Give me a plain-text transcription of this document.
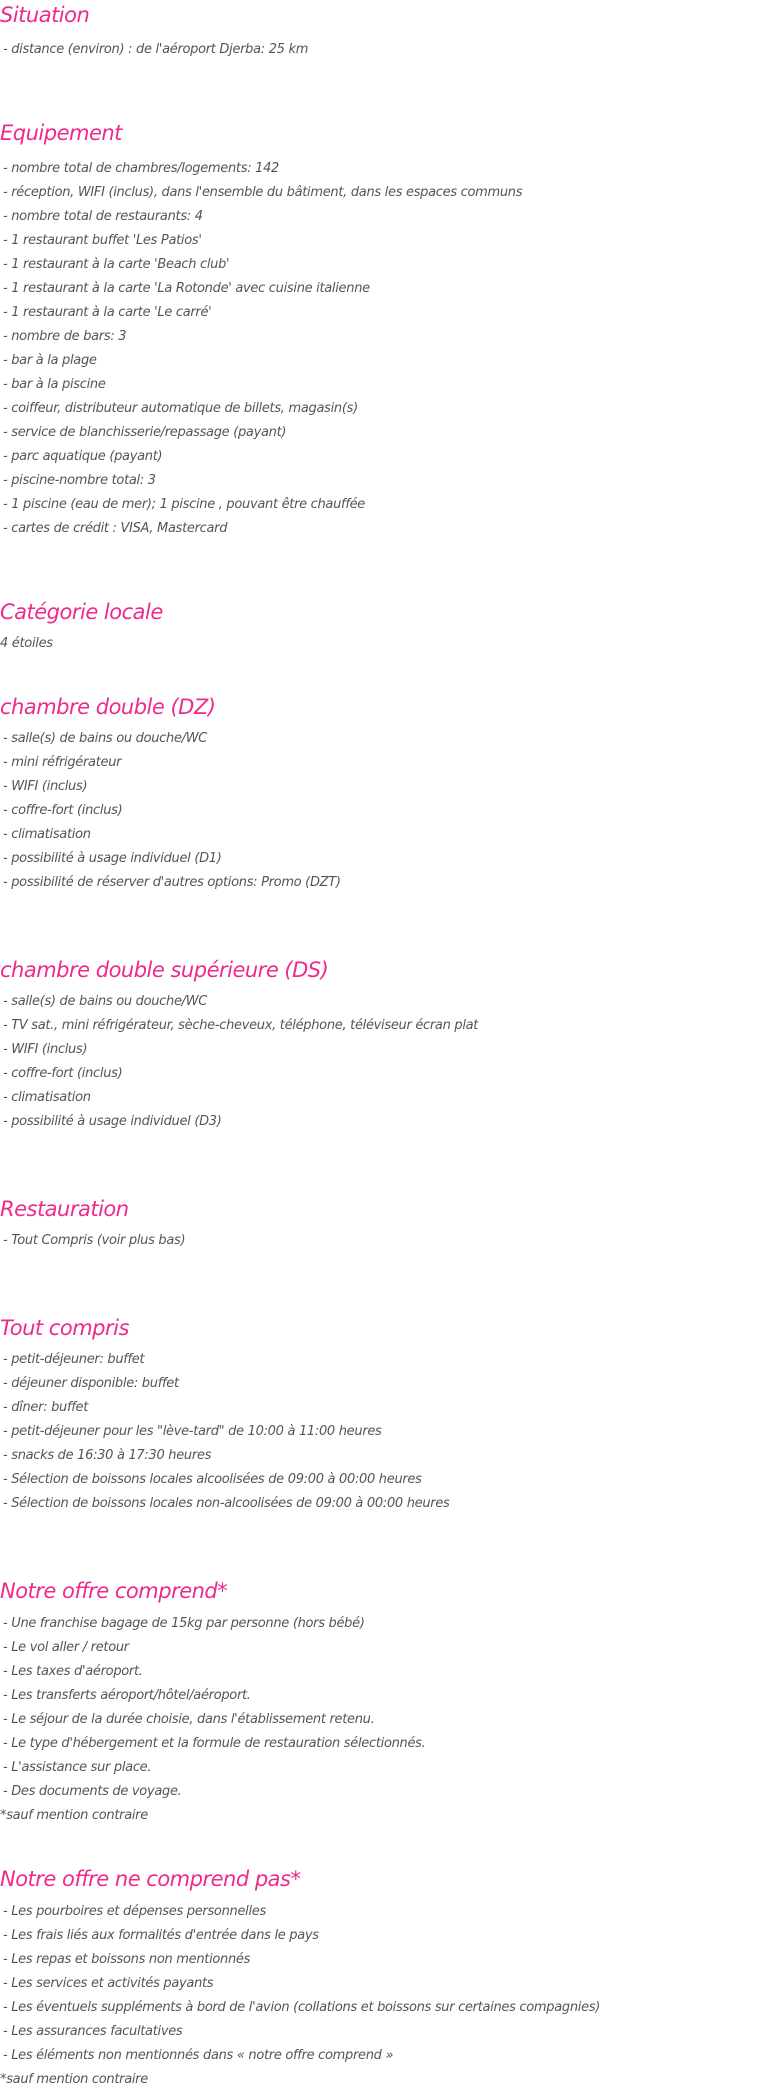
Situation
- distance (environ) : de l'aéroport Djerba: 25 km
Equipement
- nombre total de chambres/logements: 142
- réception, WIFI (inclus), dans l'ensemble du bâtiment, dans les espaces communs
- nombre total de restaurants: 4
- 1 restaurant buffet 'Les Patios'
- 1 restaurant à la carte 'Beach club'
- 1 restaurant à la carte 'La Rotonde' avec cuisine italienne
- 1 restaurant à la carte 'Le carré'
- nombre de bars: 3
- bar à la plage
- bar à la piscine
- coiffeur, distributeur automatique de billets, magasin(s)
- service de blanchisserie/repassage (payant)
- parc aquatique (payant)
- piscine-nombre total: 3
- 1 piscine (eau de mer); 1 piscine , pouvant être chauffée
- cartes de crédit : VISA, Mastercard
Catégorie locale
4 étoiles
chambre double (DZ)
- salle(s) de bains ou douche/WC
- mini réfrigérateur
- WIFI (inclus)
- coffre-fort (inclus)
- climatisation
- possibilité à usage individuel (D1)
- possibilité de réserver d'autres options: Promo (DZT)
chambre double supérieure (DS)
- salle(s) de bains ou douche/WC
- TV sat., mini réfrigérateur, sèche-cheveux, téléphone, téléviseur écran plat
- WIFI (inclus)
- coffre-fort (inclus)
- climatisation
- possibilité à usage individuel (D3)
Restauration
- Tout Compris (voir plus bas)
Tout compris
- petit-déjeuner: buffet
- déjeuner disponible: buffet
- dîner: buffet
- petit-déjeuner pour les "lève-tard" de 10:00 à 11:00 heures
- snacks de 16:30 à 17:30 heures
- Sélection de boissons locales alcoolisées de 09:00 à 00:00 heures
- Sélection de boissons locales non-alcoolisées de 09:00 à 00:00 heures
Notre offre comprend*
- Une franchise bagage de 15kg par personne (hors bébé)
- Le vol aller / retour
- Les taxes d'aéroport.
- Les transferts aéroport/hôtel/aéroport.
- Le séjour de la durée choisie, dans l'établissement retenu.
- Le type d'hébergement et la formule de restauration sélectionnés.
- L'assistance sur place.
- Des documents de voyage.
*sauf mention contraire
Notre offre ne comprend pas*
- Les pourboires et dépenses personnelles
- Les frais liés aux formalités d'entrée dans le pays
- Les repas et boissons non mentionnés
- Les services et activités payants
- Les éventuels suppléments à bord de l'avion (collations et boissons sur certaines compagnies)
- Les assurances facultatives
- Les éléments non mentionnés dans « notre offre comprend »
*sauf mention contraire
